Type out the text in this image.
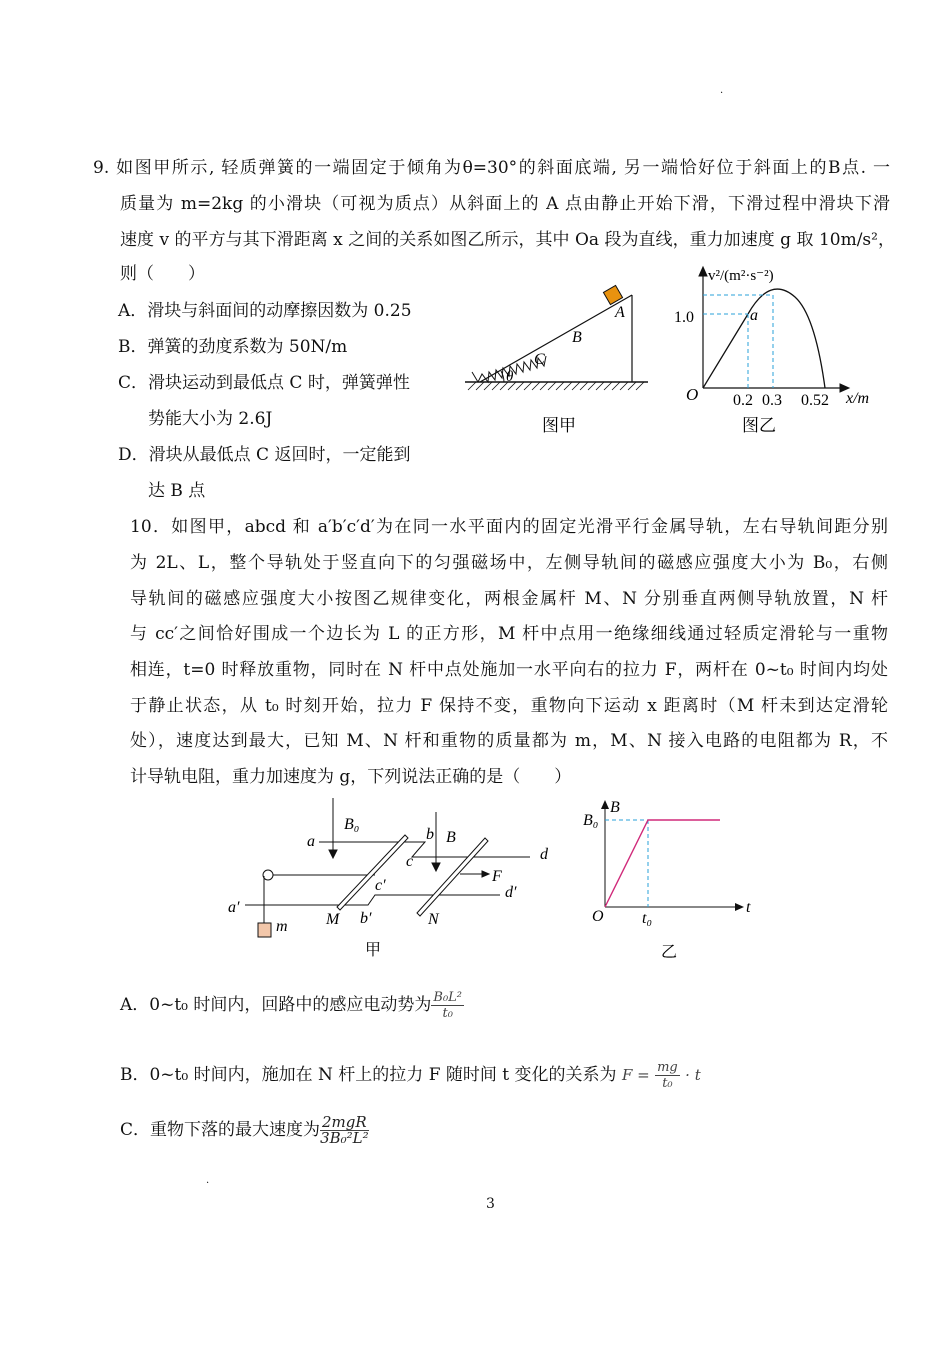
.
9. 如图甲所示, 轻质弹簧的一端固定于倾角为θ=30°的斜面底端, 另一端恰好位于斜面上的B点. 一
质量为 m=2kg 的小滑块（可视为质点）从斜面上的 A 点由静止开始下滑，下滑过程中滑块下滑
速度 v 的平方与其下滑距离 x 之间的关系如图乙所示，其中 Oa 段为直线，重力加速度 g 取 10m/s²，
则（　　）
A．滑块与斜面间的动摩擦因数为 0.25
B．弹簧的劲度系数为 50N/m
C．滑块运动到最低点 C 时，弹簧弹性
势能大小为 2.6J
D．滑块从最低点 C 返回时，一定能到
达 B 点
A
B
C
θ
图甲
v²/(m²·s⁻²)
1.0	a
O 0.2 0.3 0.52 x/m
图乙
10．如图甲，abcd 和 a′b′c′d′为在同一水平面内的固定光滑平行金属导轨，左右导轨间距分别
为 2L、L，整个导轨处于竖直向下的匀强磁场中，左侧导轨间的磁感应强度大小为 B₀，右侧
导轨间的磁感应强度大小按图乙规律变化，两根金属杆 M、N 分别垂直两侧导轨放置，N 杆
与 cc′之间恰好围成一个边长为 L 的正方形，M 杆中点用一绝缘细线通过轻质定滑轮与一重物
相连，t=0 时释放重物，同时在 N 杆中点处施加一水平向右的拉力 F，两杆在 0~t₀ 时间内均处
于静止状态，从 t₀ 时刻开始，拉力 F 保持不变，重物向下运动 x 距离时（M 杆未到达定滑轮
处），速度达到最大，已知 M、N 杆和重物的质量都为 m，M、N 接入电路的电阻都为 R，不
计导轨电阻，重力加速度为 g，下列说法正确的是（　　）
a	b
c	d
a′
b′
c′	d′
B₀
B
F
M	N
m
甲
B
B₀
O t₀
t
乙
A．0~t₀ 时间内，回路中的感应电动势为 $\frac{\text{B₀L²}}{\text{t₀}}$
B．0~t₀ 时间内，施加在 N 杆上的拉力 F 随时间 t 变化的关系为 $F = \frac{mg}{\text{t₀}} \cdot t$
C．重物下落的最大速度为 $\frac{\text{2mgR}}{\text{3B₀²L²}}$
.
3
